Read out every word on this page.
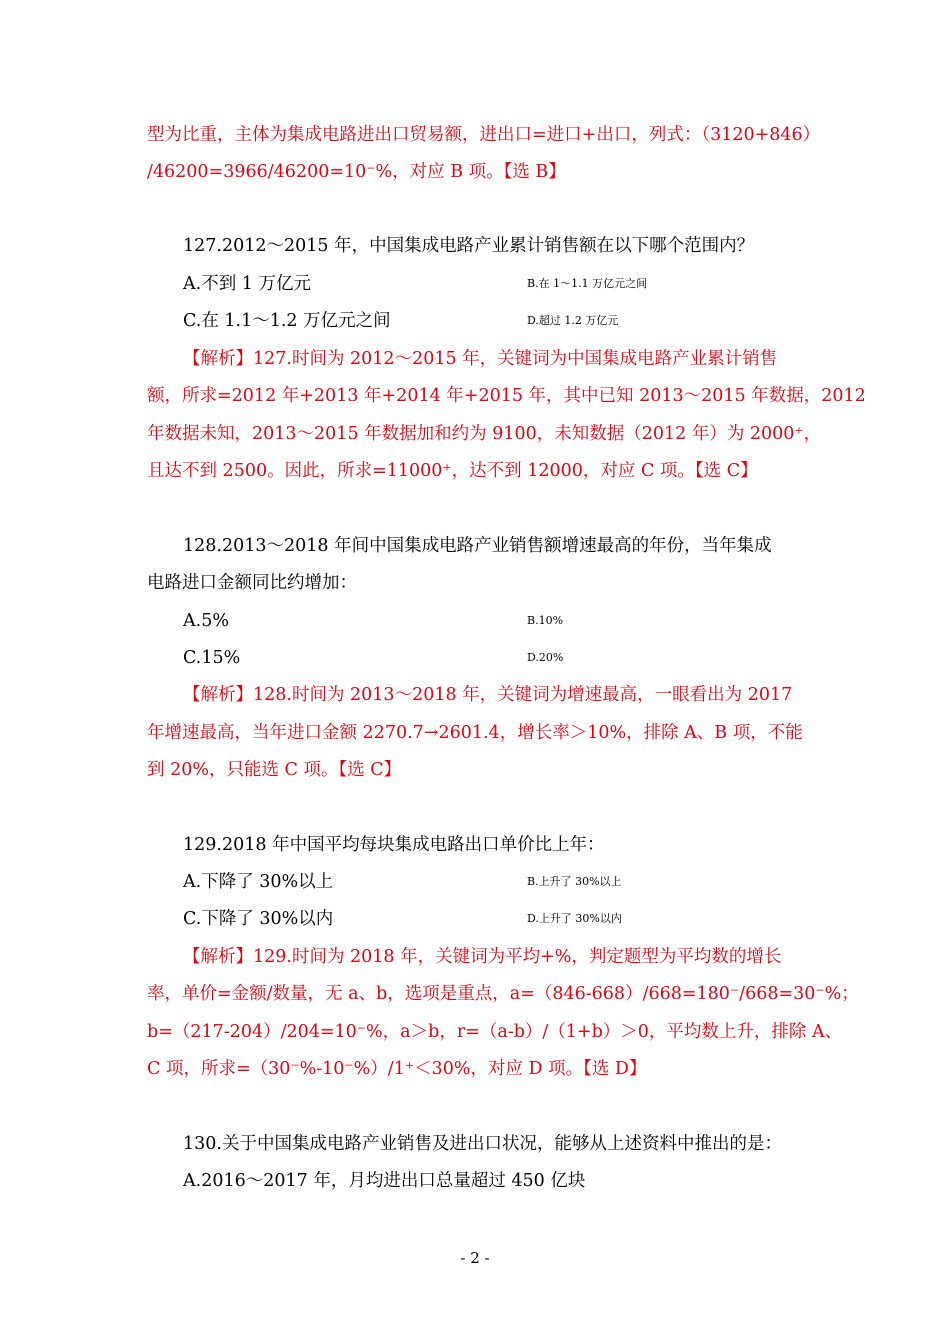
型为比重，主体为集成电路进出口贸易额，进出口=进口+出口，列式：（3120+846）
/46200=3966/46200=10⁻%，对应 B 项。【选 B】
127.2012～2015 年，中国集成电路产业累计销售额在以下哪个范围内？
A.不到 1 万亿元	B.在 1～1.1 万亿元之间
C.在 1.1～1.2 万亿元之间	D.超过 1.2 万亿元
【解析】127.时间为 2012～2015 年，关键词为中国集成电路产业累计销售
额，所求=2012 年+2013 年+2014 年+2015 年，其中已知 2013～2015 年数据，2012
年数据未知，2013～2015 年数据加和约为 9100，未知数据（2012 年）为 2000⁺，
且达不到 2500。因此，所求=11000⁺，达不到 12000，对应 C 项。【选 C】
128.2013～2018 年间中国集成电路产业销售额增速最高的年份，当年集成
电路进口金额同比约增加：
A.5%	B.10%
C.15%	D.20%
【解析】128.时间为 2013～2018 年，关键词为增速最高，一眼看出为 2017
年增速最高，当年进口金额 2270.7→2601.4，增长率＞10%，排除 A、B 项，不能
到 20%，只能选 C 项。【选 C】
129.2018 年中国平均每块集成电路出口单价比上年：
A.下降了 30%以上	B.上升了 30%以上
C.下降了 30%以内	D.上升了 30%以内
【解析】129.时间为 2018 年，关键词为平均+%，判定题型为平均数的增长
率，单价=金额/数量，无 a、b，选项是重点，a=（846-668）/668=180⁻/668=30⁻%；
b=（217-204）/204=10⁻%，a＞b，r=（a-b）/（1+b）＞0，平均数上升，排除 A、
C 项，所求=（30⁻%-10⁻%）/1⁺＜30%，对应 D 项。【选 D】
130.关于中国集成电路产业销售及进出口状况，能够从上述资料中推出的是：
A.2016～2017 年，月均进出口总量超过 450 亿块
- 2 -
